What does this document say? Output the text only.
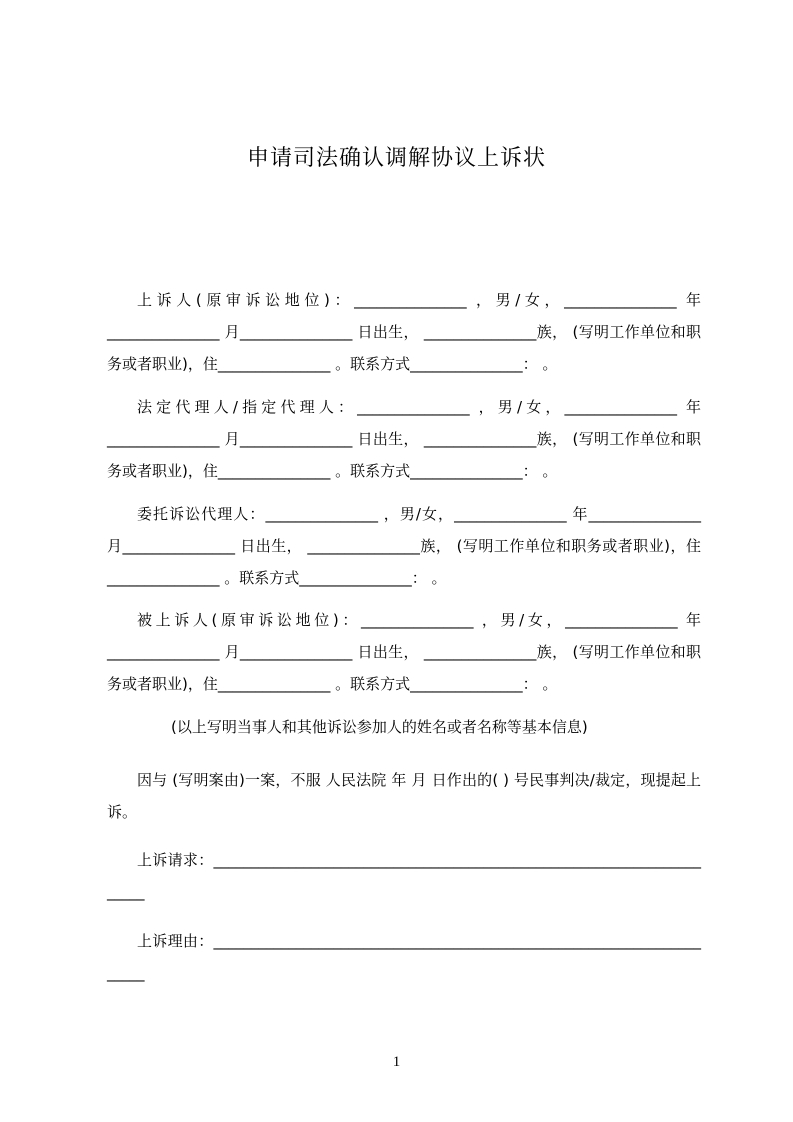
申请司法确认调解协议上诉状
上诉人(原审诉讼地位)：_______________ ，男/女，_______________ 年_______________ 月_______________ 日出生， _______________族， (写明工作单位和职务或者职业)，住_______________ 。联系方式_______________： 。
法定代理人/指定代理人：_______________ ，男/女，_______________ 年_______________ 月_______________ 日出生， _______________族， (写明工作单位和职务或者职业)，住_______________ 。联系方式_______________： 。
委托诉讼代理人：_______________ ，男/女，_______________ 年_______________ 月_______________ 日出生， _______________族， (写明工作单位和职务或者职业)，住_______________ 。联系方式_______________： 。
被上诉人(原审诉讼地位)：_______________ ，男/女，_______________ 年_______________ 月_______________ 日出生， _______________族， (写明工作单位和职务或者职业)，住_______________ 。联系方式_______________： 。
(以上写明当事人和其他诉讼参加人的姓名或者名称等基本信息)
因与 (写明案由)一案，不服 人民法院 年 月 日作出的( ) 号民事判决/裁定，现提起上诉。
上诉请求：______________________________________________________________________
上诉理由：______________________________________________________________________
1
